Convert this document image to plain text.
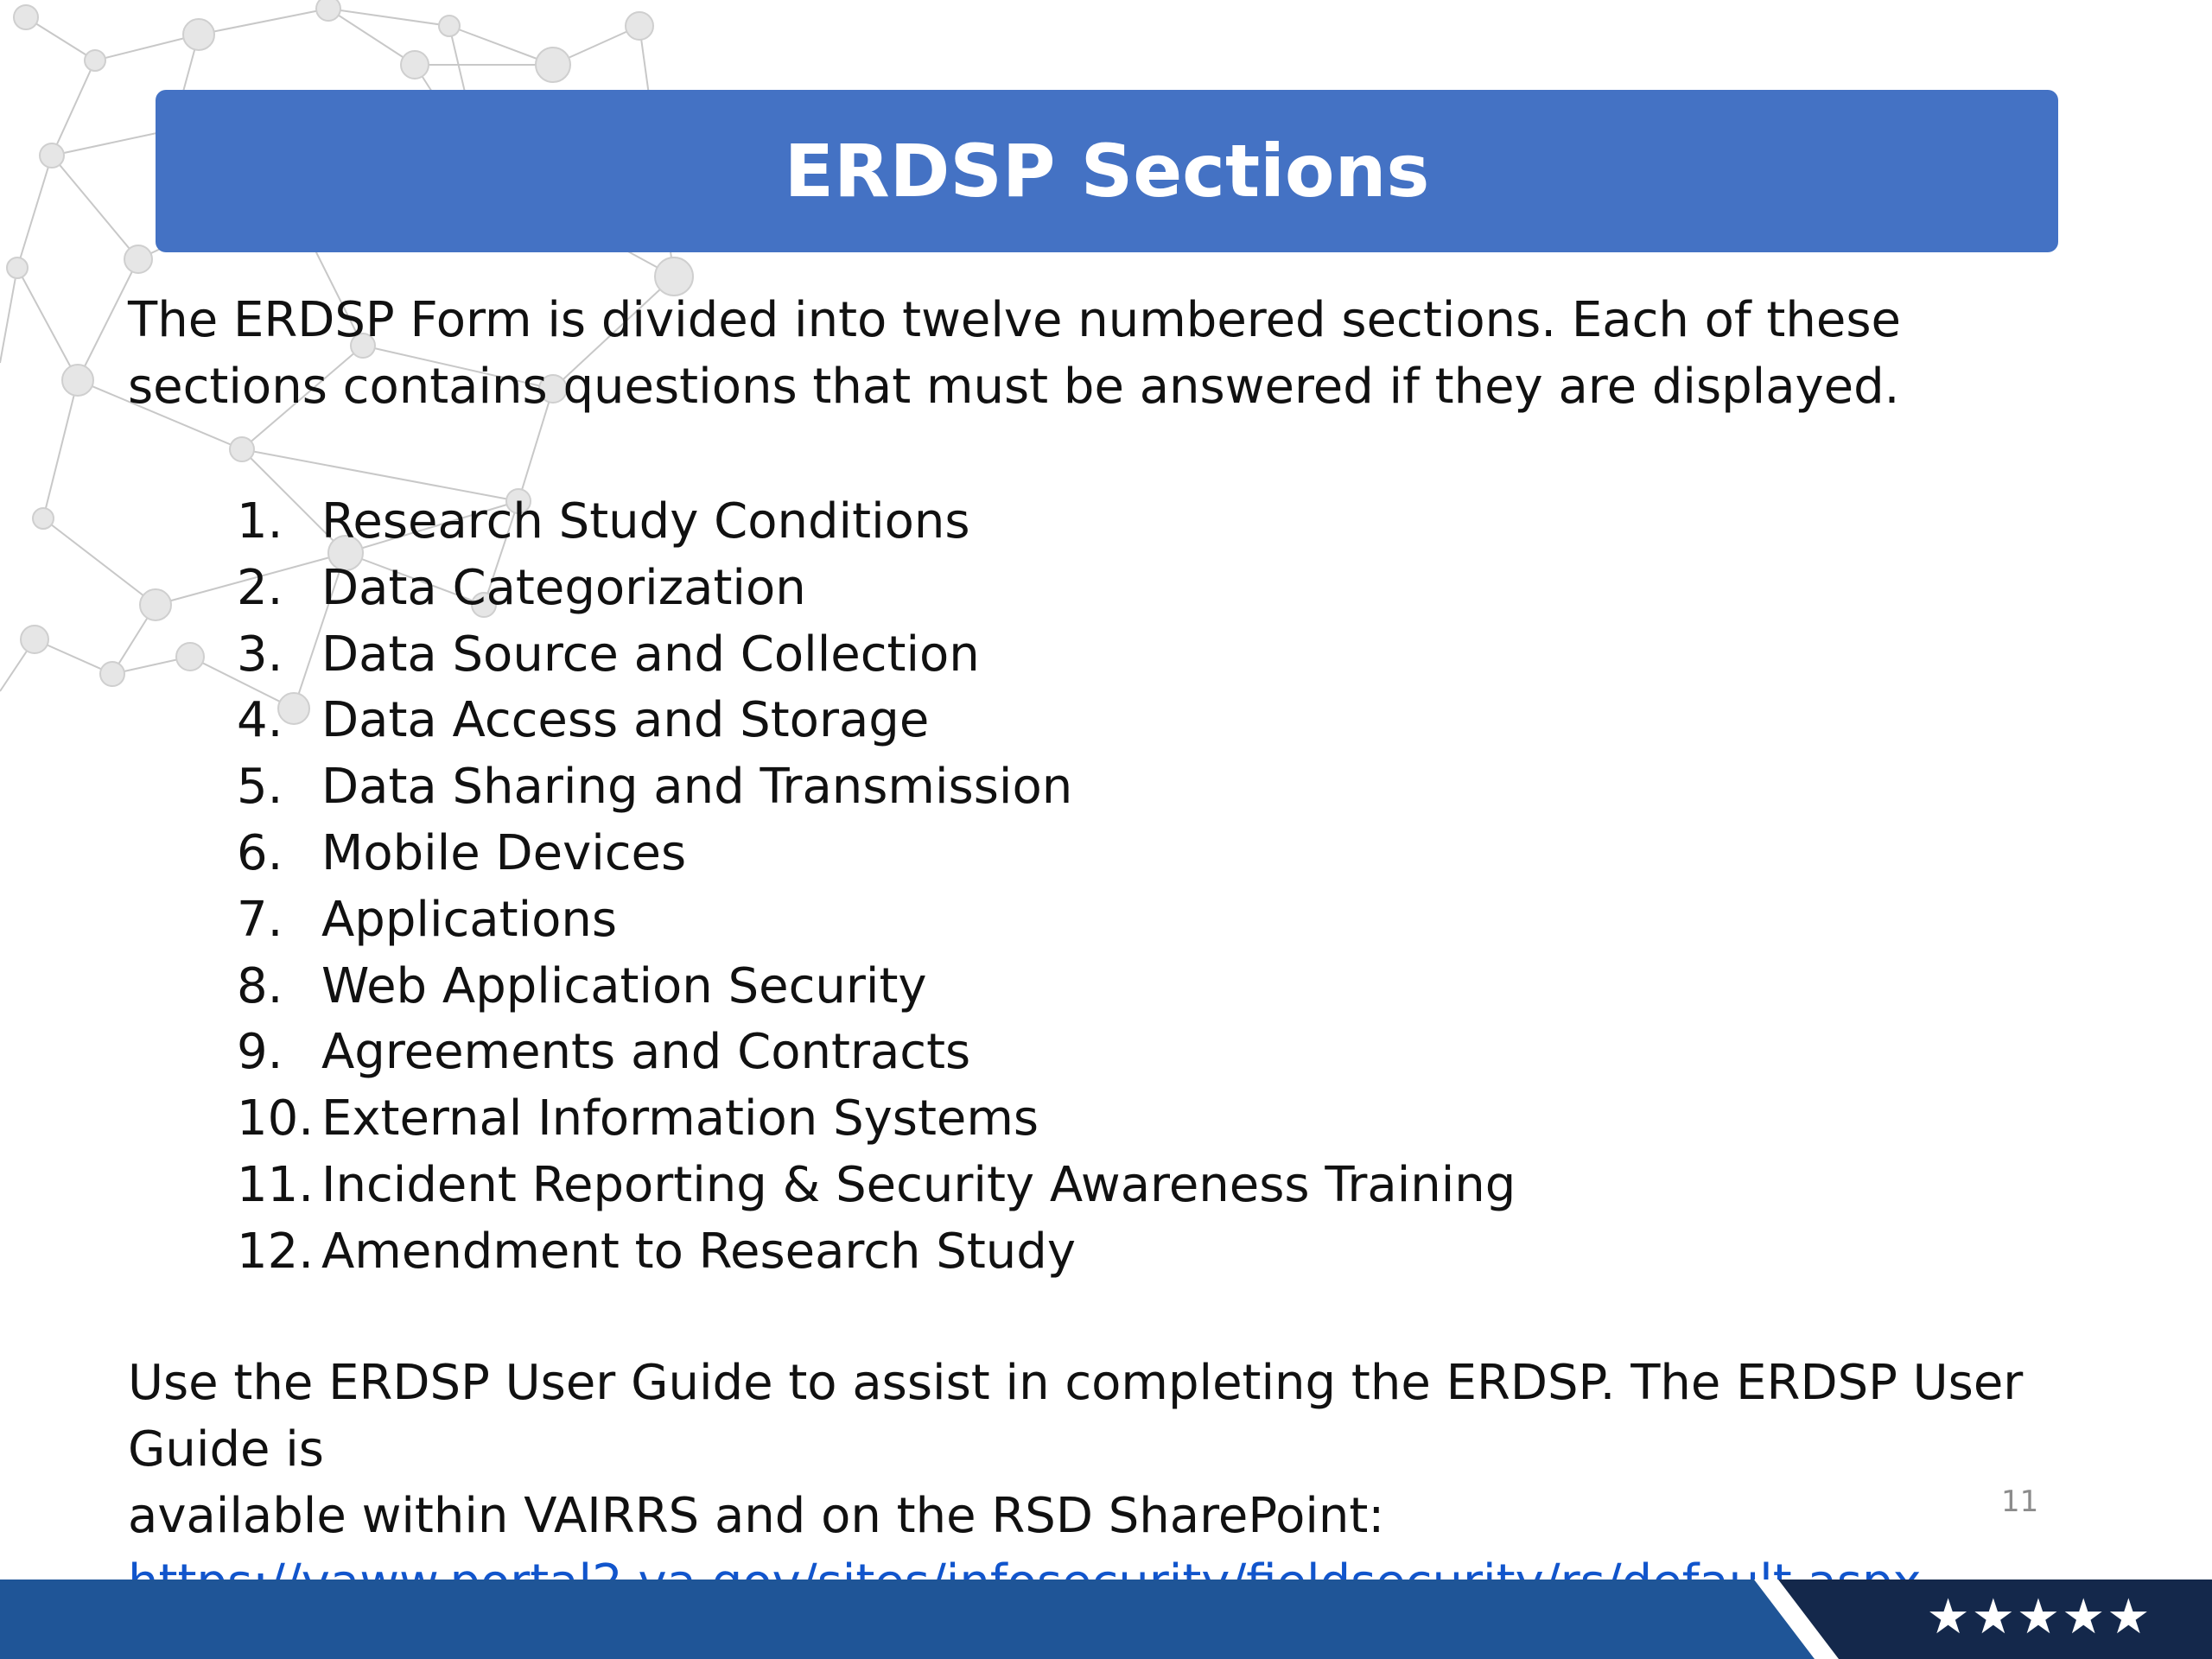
ERDSP Sections
The ERDSP Form is divided into twelve numbered sections. Each of these sections contains questions that must be answered if they are displayed.
1. Research Study Conditions
2. Data Categorization
3. Data Source and Collection
4. Data Access and Storage
5. Data Sharing and Transmission
6. Mobile Devices
7. Applications
8. Web Application Security
9. Agreements and Contracts
10. External Information Systems
11. Incident Reporting & Security Awareness Training
12. Amendment to Research Study
Use the ERDSP User Guide to assist in completing the ERDSP. The ERDSP User Guide is
available within VAIRRS and on the RSD SharePoint:	11
★★★★★
